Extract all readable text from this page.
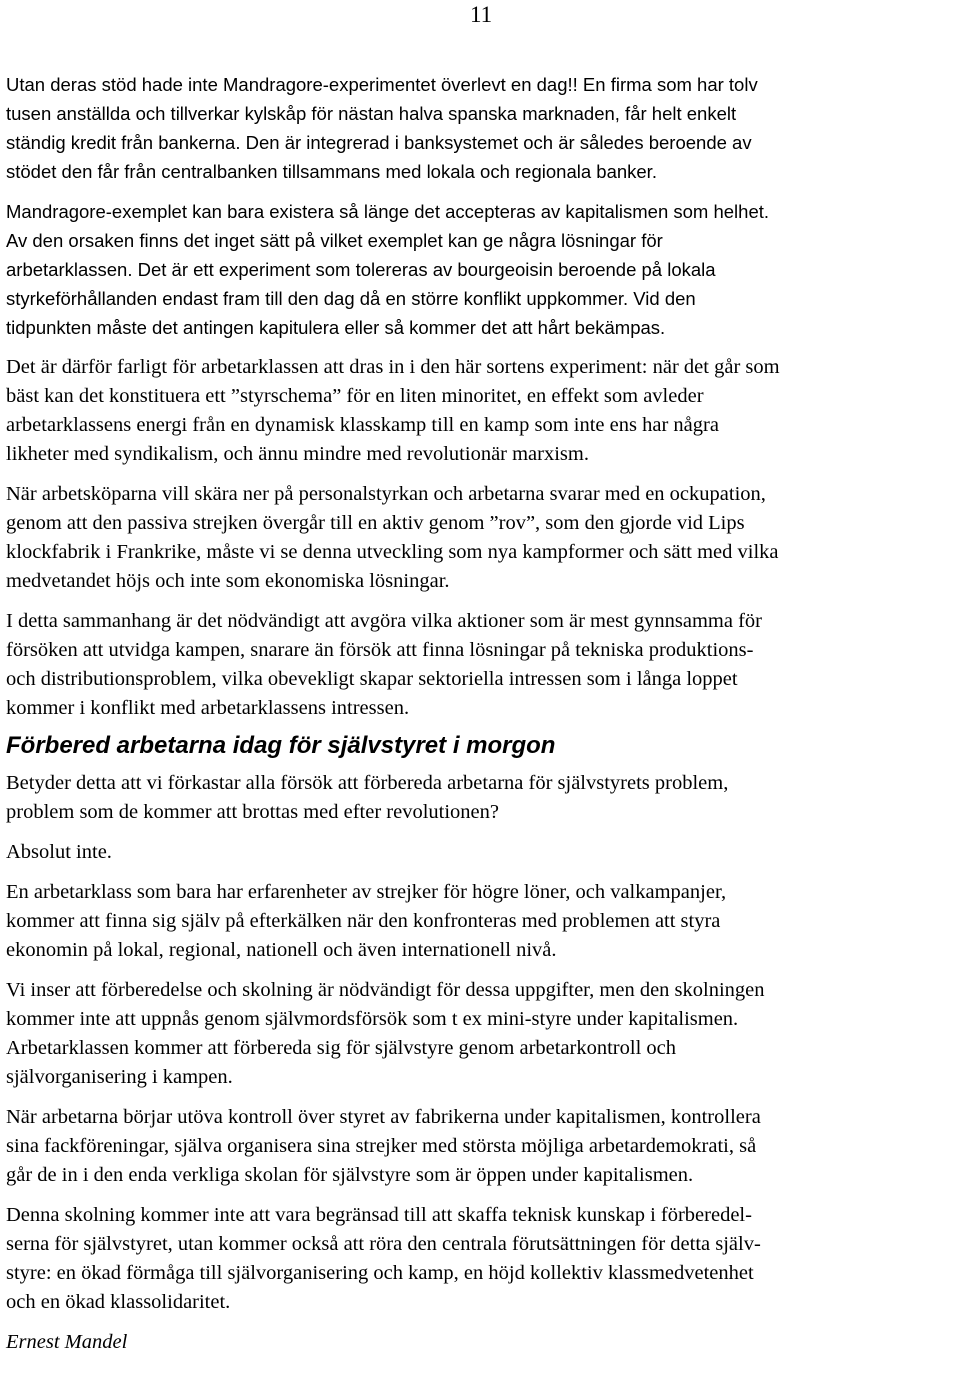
11

Utan deras stöd hade inte Mandragore-experimentet överlevt en dag!! En firma som har tolv
tusen anställda och tillverkar kylskåp för nästan halva spanska marknaden, får helt enkelt
ständig kredit från bankerna. Den är integrerad i banksystemet och är således beroende av
stödet den får från centralbanken tillsammans med lokala och regionala banker.

Mandragore-exemplet kan bara existera så länge det accepteras av kapitalismen som helhet.
Av den orsaken finns det inget sätt på vilket exemplet kan ge några lösningar för
arbetarklassen. Det är ett experiment som tolereras av bourgeoisin beroende på lokala
styrkeförhållanden endast fram till den dag då en större konflikt uppkommer. Vid den
tidpunkten måste det antingen kapitulera eller så kommer det att hårt bekämpas.

Det är därför farligt för arbetarklassen att dras in i den här sortens experiment: när det går som
bäst kan det konstituera ett ”styrschema” för en liten minoritet, en effekt som avleder
arbetarklassens energi från en dynamisk klasskamp till en kamp som inte ens har några
likheter med syndikalism, och ännu mindre med revolutionär marxism.

När arbetsköparna vill skära ner på personalstyrkan och arbetarna svarar med en ockupation,
genom att den passiva strejken övergår till en aktiv genom ”rov”, som den gjorde vid Lips
klockfabrik i Frankrike, måste vi se denna utveckling som nya kampformer och sätt med vilka
medvetandet höjs och inte som ekonomiska lösningar.

I detta sammanhang är det nödvändigt att avgöra vilka aktioner som är mest gynnsamma för
försöken att utvidga kampen, snarare än försök att finna lösningar på tekniska produktions-
och distributionsproblem, vilka obevekligt skapar sektoriella intressen som i långa loppet
kommer i konflikt med arbetarklassens intressen.

Förbered arbetarna idag för självstyret i morgon

Betyder detta att vi förkastar alla försök att förbereda arbetarna för självstyrets problem,
problem som de kommer att brottas med efter revolutionen?

Absolut inte.

En arbetarklass som bara har erfarenheter av strejker för högre löner, och valkampanjer,
kommer att finna sig själv på efterkälken när den konfronteras med problemen att styra
ekonomin på lokal, regional, nationell och även internationell nivå.

Vi inser att förberedelse och skolning är nödvändigt för dessa uppgifter, men den skolningen
kommer inte att uppnås genom självmordsförsök som t ex mini-styre under kapitalismen.
Arbetarklassen kommer att förbereda sig för självstyre genom arbetarkontroll och
självorganisering i kampen.

När arbetarna börjar utöva kontroll över styret av fabrikerna under kapitalismen, kontrollera
sina fackföreningar, själva organisera sina strejker med största möjliga arbetardemokrati, så
går de in i den enda verkliga skolan för självstyre som är öppen under kapitalismen.

Denna skolning kommer inte att vara begränsad till att skaffa teknisk kunskap i förberedel-
serna för självstyret, utan kommer också att röra den centrala förutsättningen för detta själv-
styre: en ökad förmåga till självorganisering och kamp, en höjd kollektiv klassmedvetenhet
och en ökad klassolidaritet.

Ernest Mandel
